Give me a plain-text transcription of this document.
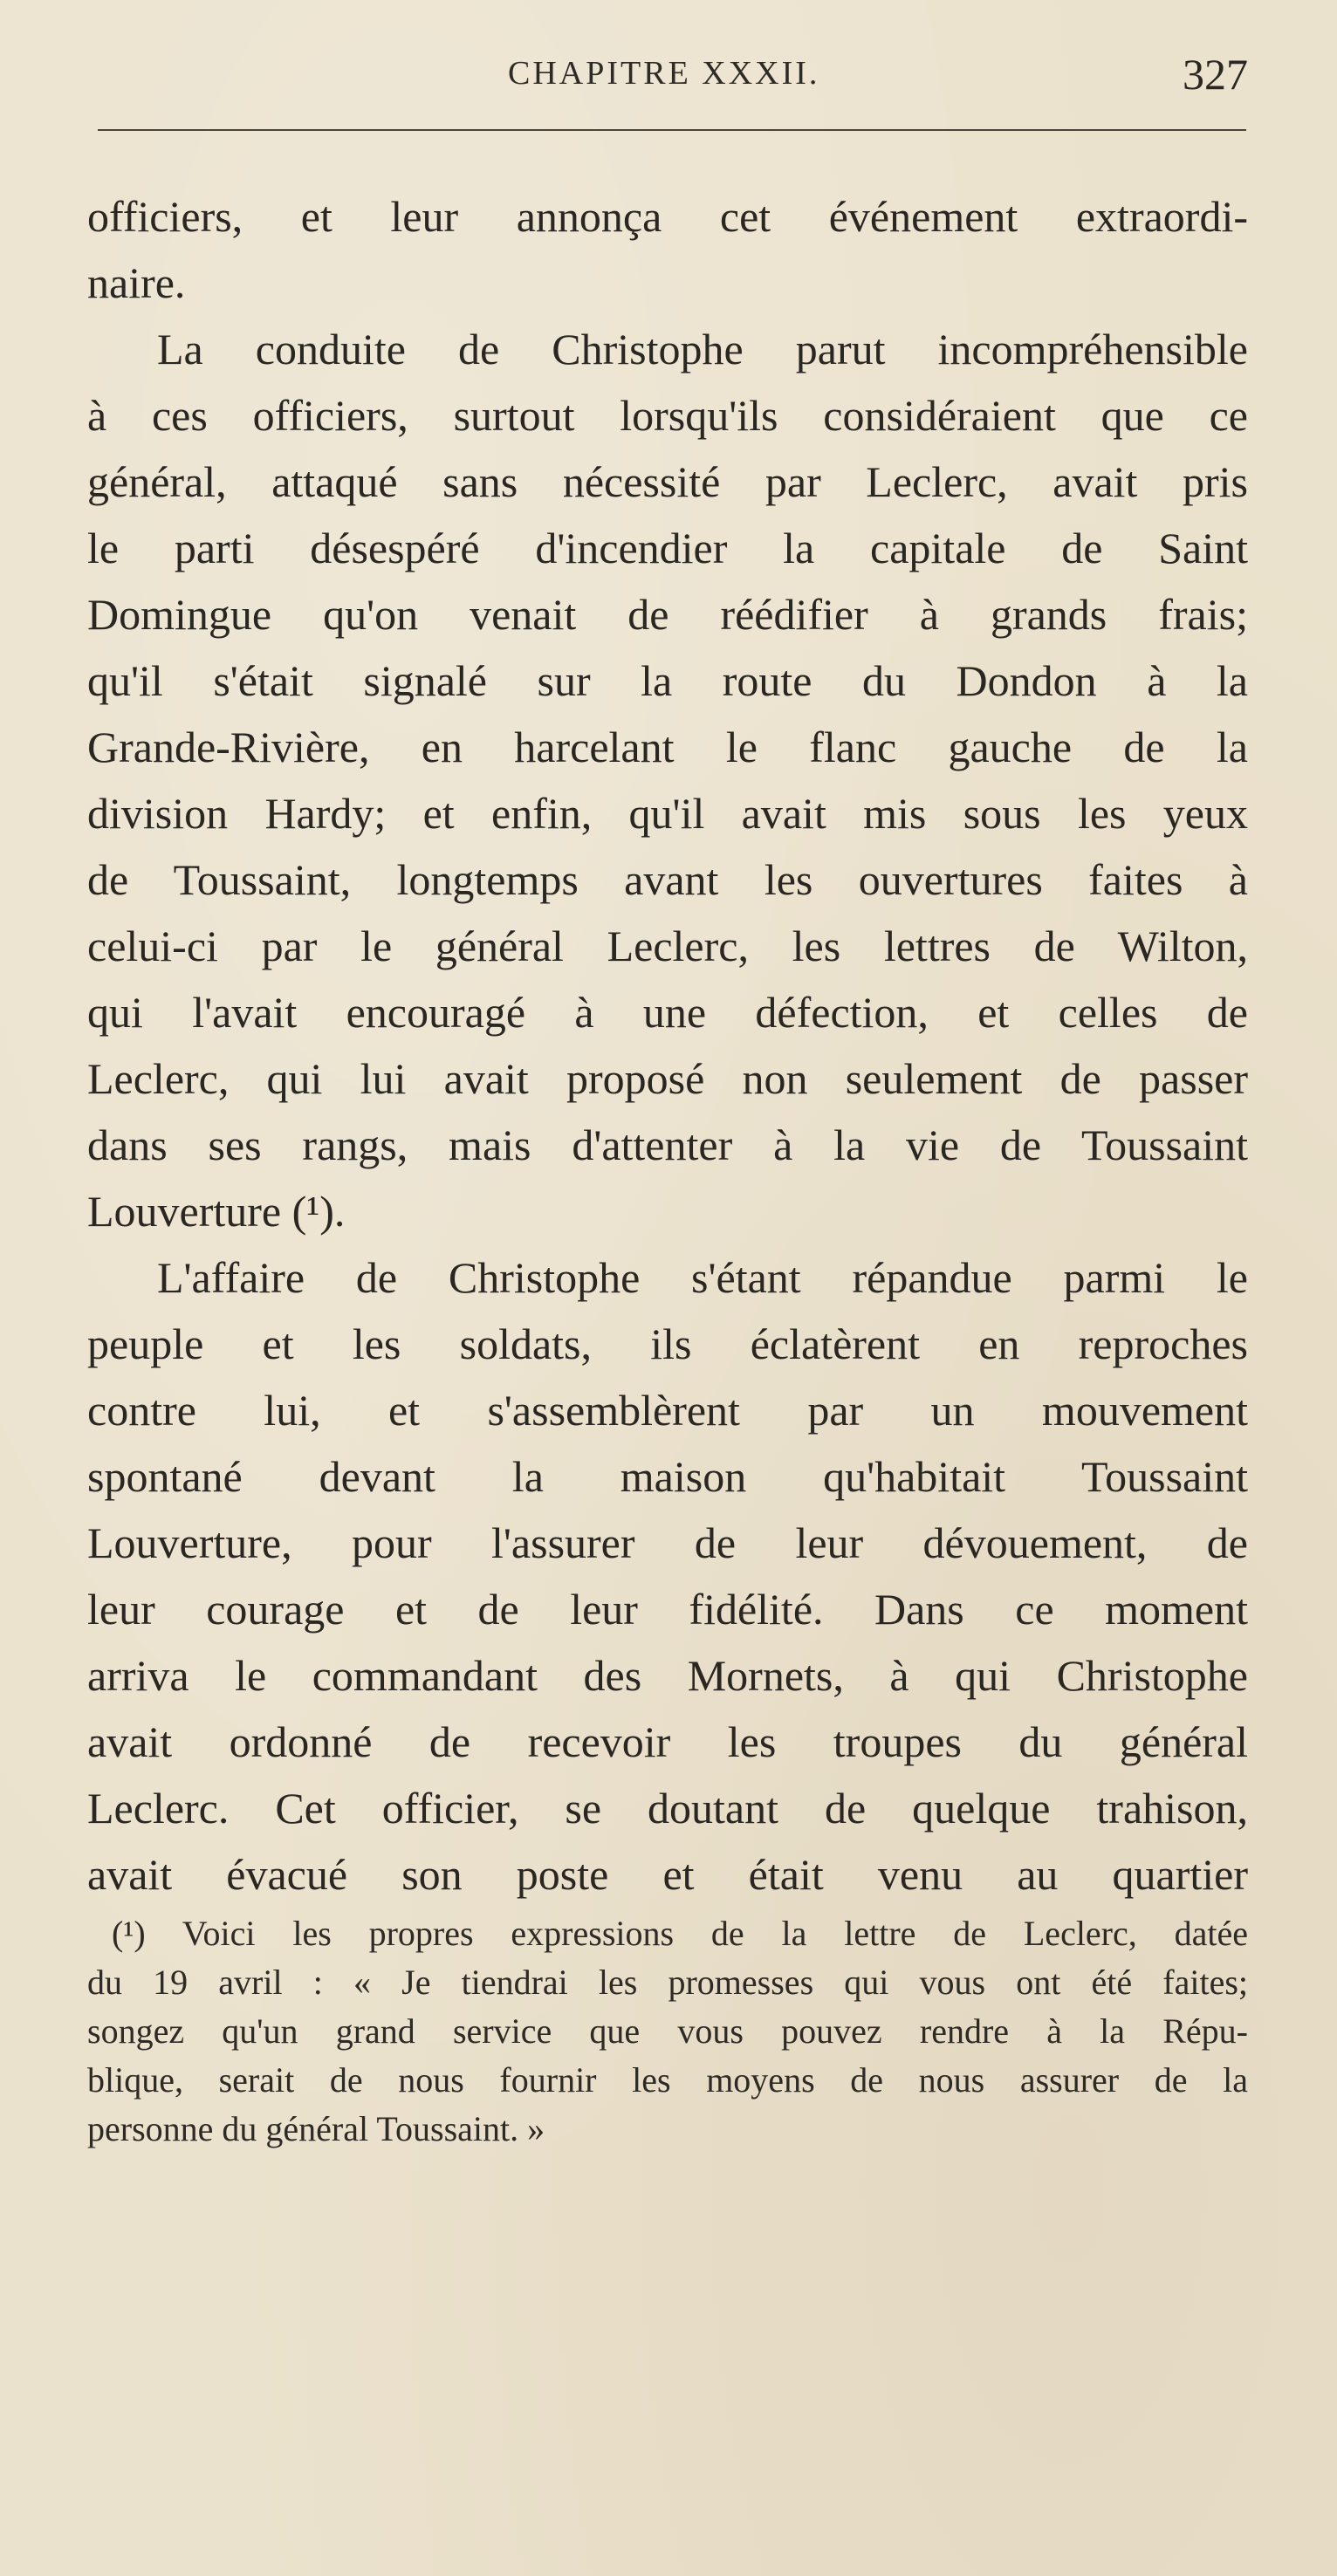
CHAPITRE XXXII.	327
officiers, et leur annonça cet événement extraordi-
naire.
La conduite de Christophe parut incompréhensible
à ces officiers, surtout lorsqu'ils considéraient que ce
général, attaqué sans nécessité par Leclerc, avait pris
le parti désespéré d'incendier la capitale de Saint
Domingue qu'on venait de réédifier à grands frais;
qu'il s'était signalé sur la route du Dondon à la
Grande-Rivière, en harcelant le flanc gauche de la
division Hardy; et enfin, qu'il avait mis sous les yeux
de Toussaint, longtemps avant les ouvertures faites à
celui-ci par le général Leclerc, les lettres de Wilton,
qui l'avait encouragé à une défection, et celles de
Leclerc, qui lui avait proposé non seulement de passer
dans ses rangs, mais d'attenter à la vie de Toussaint
Louverture (¹).
L'affaire de Christophe s'étant répandue parmi le
peuple et les soldats, ils éclatèrent en reproches
contre lui, et s'assemblèrent par un mouvement
spontané devant la maison qu'habitait Toussaint
Louverture, pour l'assurer de leur dévouement, de
leur courage et de leur fidélité. Dans ce moment
arriva le commandant des Mornets, à qui Christophe
avait ordonné de recevoir les troupes du général
Leclerc. Cet officier, se doutant de quelque trahison,
avait évacué son poste et était venu au quartier
(¹) Voici les propres expressions de la lettre de Leclerc, datée
du 19 avril : « Je tiendrai les promesses qui vous ont été faites;
songez qu'un grand service que vous pouvez rendre à la Répu-
blique, serait de nous fournir les moyens de nous assurer de la
personne du général Toussaint. »
